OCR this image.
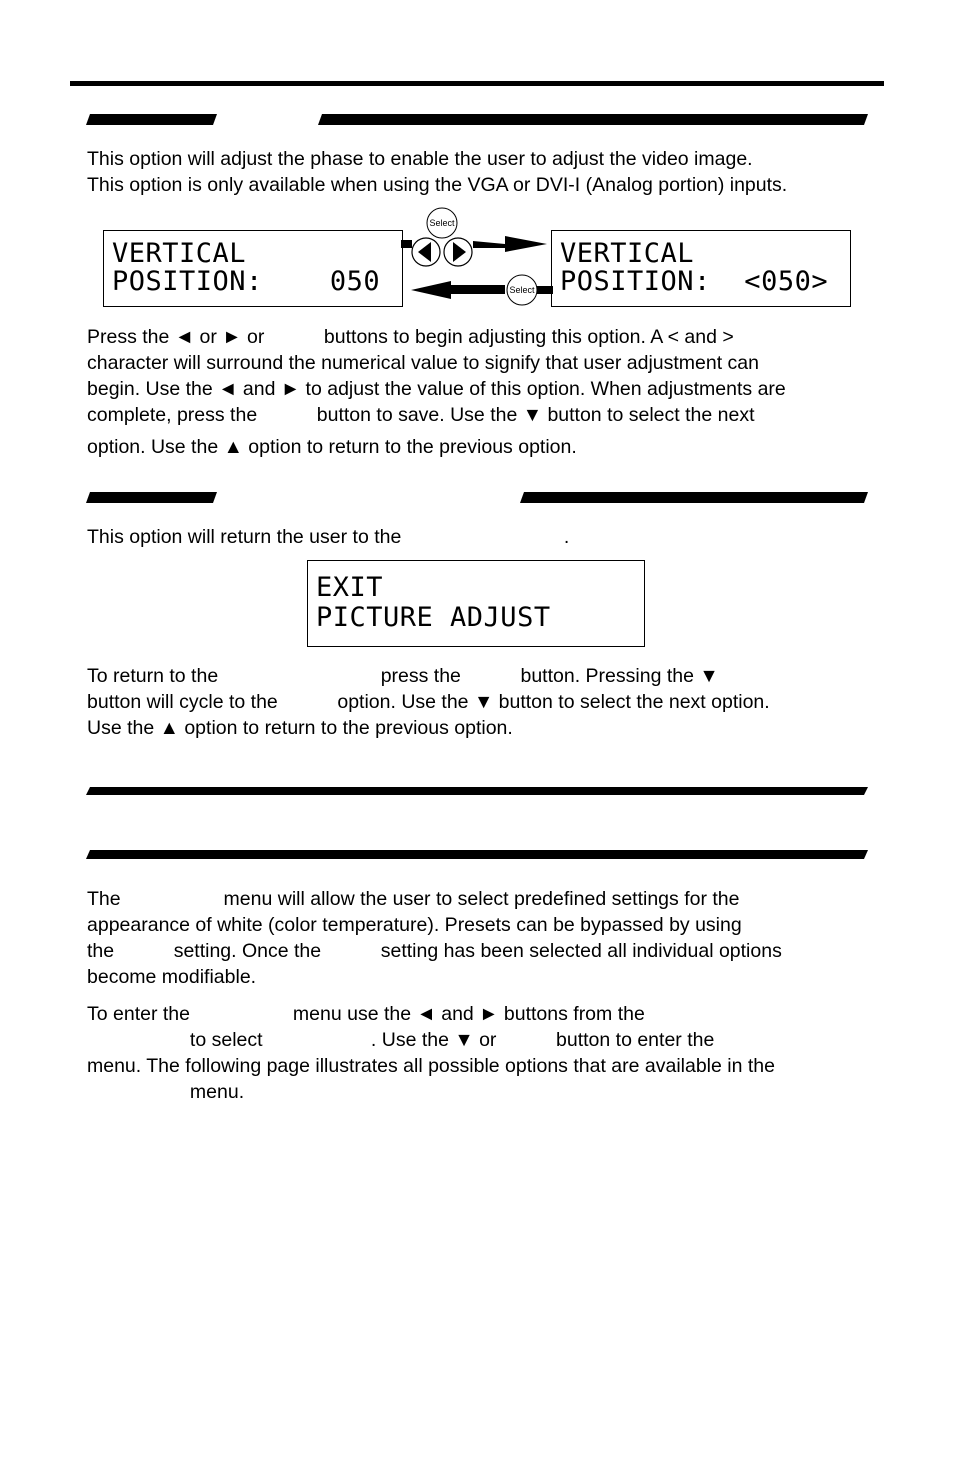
This option will adjust the phase to enable the user to adjust the video image.
This option is only available when using the VGA or DVI-I (Analog portion) inputs.

VERTICAL

POSITION:    050

VERTICAL

POSITION:  <050>

Select
Select
Press the ◄ or ► or           buttons to begin adjusting this option. A < and >
character will surround the numerical value to signify that user adjustment can
begin. Use the ◄ and ► to adjust the value of this option. When adjustments are
complete, press the           button to save. Use the ▼ button to select the next
option. Use the ▲ option to return to the previous option.
This option will return the user to the                              .

EXIT

PICTURE ADJUST

To return to the                              press the           button. Pressing the ▼
button will cycle to the           option. Use the ▼ button to select the next option.
Use the ▲ option to return to the previous option.
The                   menu will allow the user to select predefined settings for the
appearance of white (color temperature). Presets can be bypassed by using
the           setting. Once the           setting has been selected all individual options
become modifiable.
To enter the                   menu use the ◄ and ► buttons from the
to select                    . Use the ▼ or           button to enter the
menu. The following page illustrates all possible options that are available in the
menu.
